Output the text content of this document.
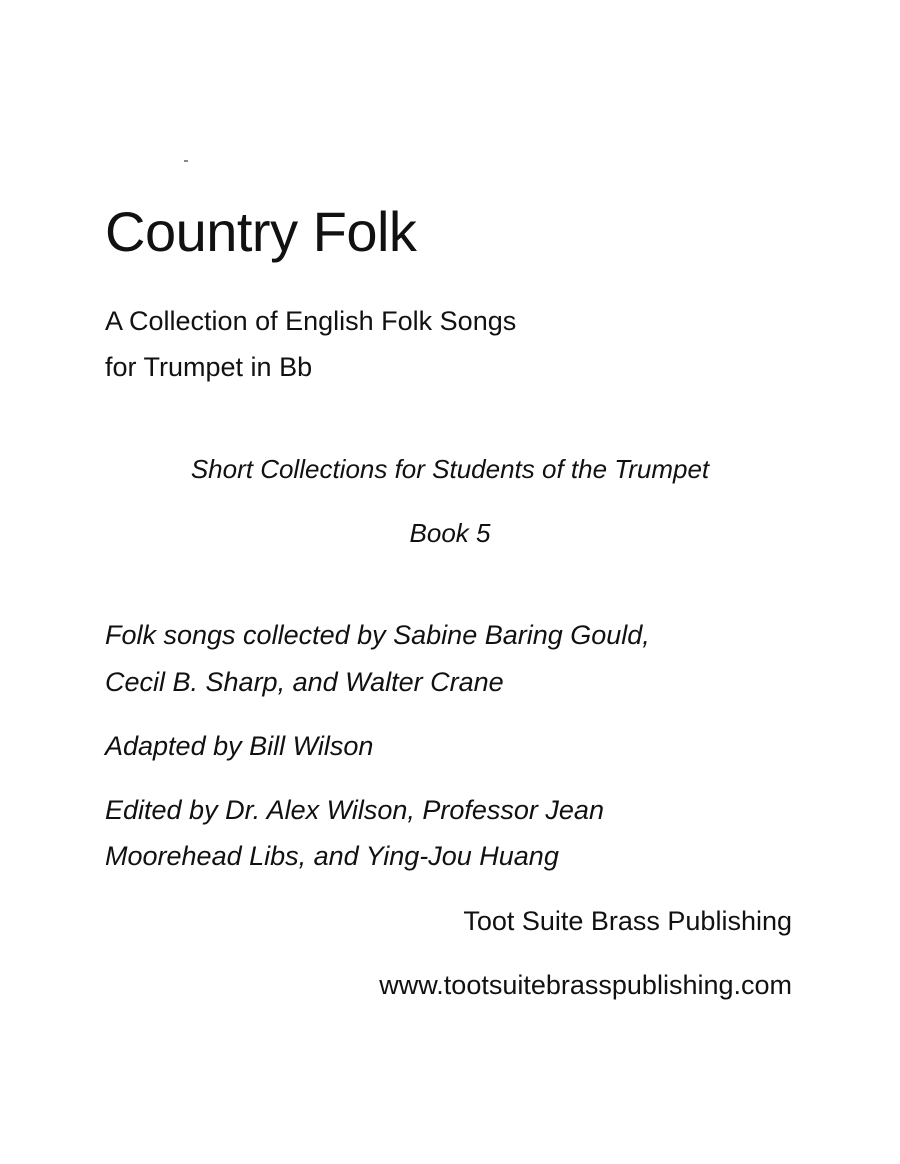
Country Folk
A Collection of English Folk Songs
for Trumpet in Bb
Short Collections for Students of the Trumpet
Book 5
Folk songs collected by Sabine Baring Gould,
Cecil B. Sharp, and Walter Crane
Adapted by Bill Wilson
Edited by Dr. Alex Wilson, Professor Jean
Moorehead Libs, and Ying-Jou Huang
Toot Suite Brass Publishing
www.tootsuitebrasspublishing.com
